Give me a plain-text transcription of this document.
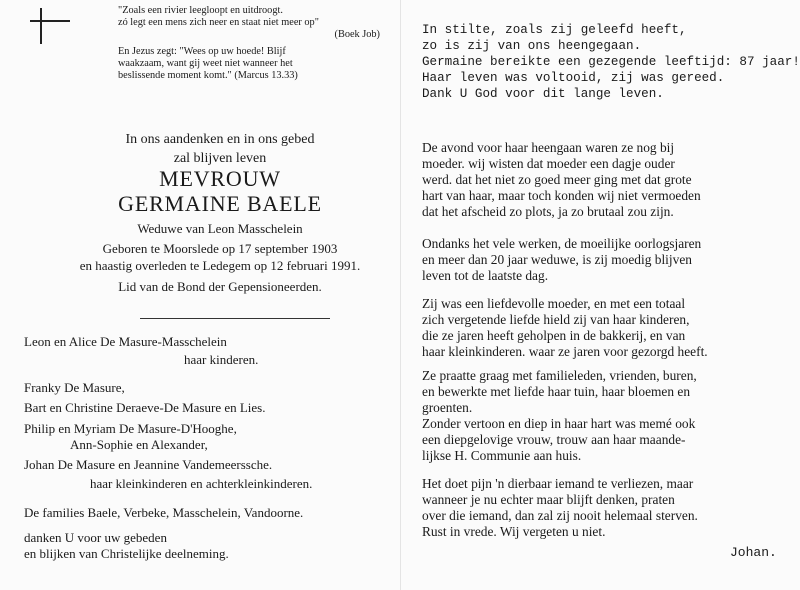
"Zoals een rivier leegloopt en uitdroogt.
zó legt een mens zich neer en staat niet meer op"
(Boek Job)
En Jezus zegt: "Wees op uw hoede! Blijf
waakzaam, want gij weet niet wanneer het
beslissende moment komt." (Marcus 13.33)
In ons aandenken en in ons gebed
zal blijven leven
MEVROUW
GERMAINE BAELE
Weduwe van Leon Masschelein
Geboren te Moorslede op 17 september 1903
en haastig overleden te Ledegem op 12 februari 1991.
Lid van de Bond der Gepensioneerden.
Leon en Alice De Masure-Masschelein
haar kinderen.
Franky De Masure,
Bart en Christine Deraeve-De Masure en Lies.
Philip en Myriam De Masure-D'Hooghe,
Ann-Sophie en Alexander,
Johan De Masure en Jeannine Vandemeerssche.
haar kleinkinderen en achterkleinkinderen.
De families Baele, Verbeke, Masschelein, Vandoorne.
danken U voor uw gebeden
en blijken van Christelijke deelneming.
In stilte, zoals zij geleefd heeft,
zo is zij van ons heengegaan.
Germaine bereikte een gezegende leeftijd: 87 jaar!
Haar leven was voltooid, zij was gereed.
Dank U God voor dit lange leven.
De avond voor haar heengaan waren ze nog bij
moeder. wij wisten dat moeder een dagje ouder
werd. dat het niet zo goed meer ging met dat grote
hart van haar, maar toch konden wij niet vermoeden
dat het afscheid zo plots, ja zo brutaal zou zijn.
Ondanks het vele werken, de moeilijke oorlogsjaren
en meer dan 20 jaar weduwe, is zij moedig blijven
leven tot de laatste dag.
Zij was een liefdevolle moeder, en met een totaal
zich vergetende liefde hield zij van haar kinderen,
die ze jaren heeft geholpen in de bakkerij, en van
haar kleinkinderen. waar ze jaren voor gezorgd heeft.
Ze praatte graag met familieleden, vrienden, buren,
en bewerkte met liefde haar tuin, haar bloemen en
groenten.
Zonder vertoon en diep in haar hart was memé ook
een diepgelovige vrouw, trouw aan haar maande-
lijkse H. Communie aan huis.
Het doet pijn 'n dierbaar iemand te verliezen, maar
wanneer je nu echter maar blijft denken, praten
over die iemand, dan zal zij nooit helemaal sterven.
Rust in vrede. Wij vergeten u niet.
Johan.
